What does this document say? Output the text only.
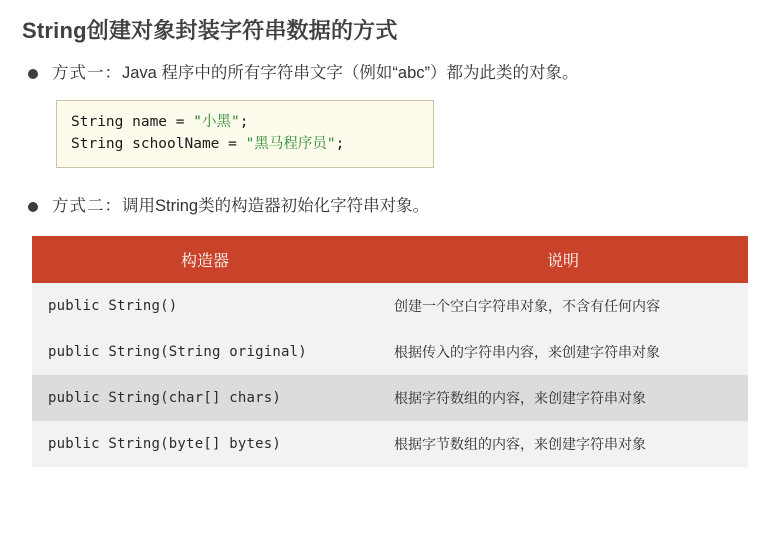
String创建对象封装字符串数据的方式
方式一：Java 程序中的所有字符串文字（例如“abc”）都为此类的对象。
String name = "小黑";
String schoolName = "黑马程序员";
方式二：调用String类的构造器初始化字符串对象。
构造器	说明
public String()	创建一个空白字符串对象，不含有任何内容
public String(String original)	根据传入的字符串内容，来创建字符串对象
public String(char[] chars)	根据字符数组的内容，来创建字符串对象
public String(byte[] bytes)	根据字节数组的内容，来创建字符串对象
